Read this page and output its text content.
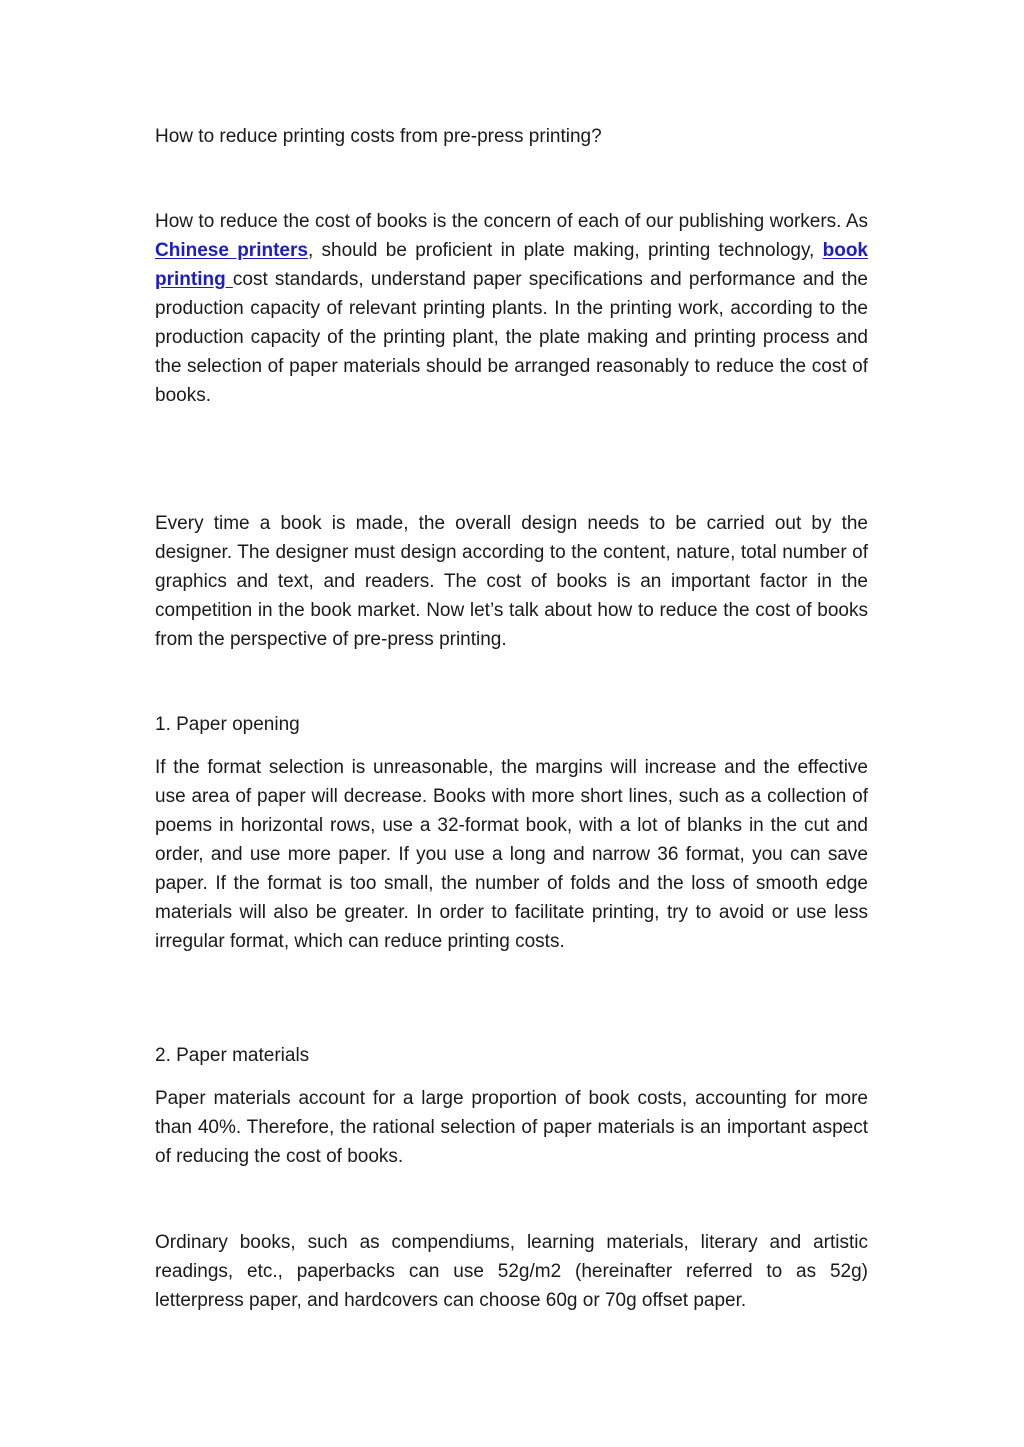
How to reduce printing costs from pre-press printing?
How to reduce the cost of books is the concern of each of our publishing workers. As Chinese printers, should be proficient in plate making, printing technology, book printing cost standards, understand paper specifications and performance and the production capacity of relevant printing plants. In the printing work, according to the production capacity of the printing plant, the plate making and printing process and the selection of paper materials should be arranged reasonably to reduce the cost of books.
Every time a book is made, the overall design needs to be carried out by the designer. The designer must design according to the content, nature, total number of graphics and text, and readers. The cost of books is an important factor in the competition in the book market. Now let’s talk about how to reduce the cost of books from the perspective of pre-press printing.
1. Paper opening
If the format selection is unreasonable, the margins will increase and the effective use area of paper will decrease. Books with more short lines, such as a collection of poems in horizontal rows, use a 32-format book, with a lot of blanks in the cut and order, and use more paper. If you use a long and narrow 36 format, you can save paper. If the format is too small, the number of folds and the loss of smooth edge materials will also be greater. In order to facilitate printing, try to avoid or use less irregular format, which can reduce printing costs.
2. Paper materials
Paper materials account for a large proportion of book costs, accounting for more than 40%. Therefore, the rational selection of paper materials is an important aspect of reducing the cost of books.
Ordinary books, such as compendiums, learning materials, literary and artistic readings, etc., paperbacks can use 52g/m2 (hereinafter referred to as 52g) letterpress paper, and hardcovers can choose 60g or 70g offset paper.
